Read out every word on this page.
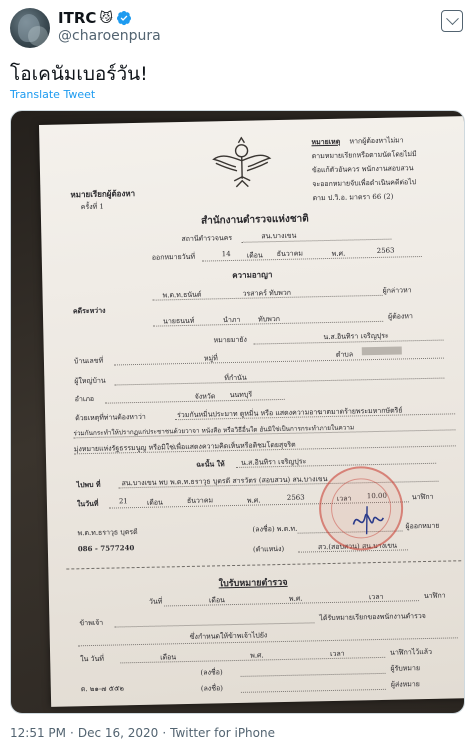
ITRC 😼
@charoenpura
โอเคนัมเบอร์วัน!
Translate Tweet
หมายเหตุ หากผู้ต้องหาไม่มา
ตามหมายเรียกหรือตามนัดโดยไม่มี
ข้อแก้ตัวอันควร พนักงานสอบสวน
จะออกหมายจับเพื่อดำเนินคดีต่อไป
ตาม ป.วิ.อ. มาตรา 66 (2)
หมายเรียกผู้ต้องหา
ครั้งที่ 1
สำนักงานตำรวจแห่งชาติ
สถานีตำรวจนคร	สน.บางเขน
ออกหมายวันที่	14 เดือน ธันวาคม	พ.ศ.	2563
ความอาญา
พ.ต.ท.ธนันต์	วรสาคร์ ทับพวก	ผู้กล่าวหา
คดีระหว่าง
นายธนนท์	นำภา	ทับพวก	ผู้ต้องหา
หมายมายัง	น.ส.อินทิรา เจริญปุระ
บ้านเลขที่	หมู่ที่	ตำบล
ผู้ใหญ่บ้าน	ที่กำนัน
อำเภอ	จังหวัด นนทบุรี
ด้วยเหตุที่ท่านต้องหาว่า	ร่วมกันหมิ่นประมาท ดูหมิ่น หรือ แสดงความอาฆาตมาดร้ายพระมหากษัตริย์
ร่วมกันกระทำให้ปรากฏแก่ประชาชนด้วยวาจา หนังสือ หรือวิธีอื่นใด อันมิใช่เป็นการกระทำภายในความ
มุ่งหมายแห่งรัฐธรรมนูญ หรือมิใช่เพื่อแสดงความคิดเห็นหรือติชมโดยสุจริต
ฉะนั้น ให้ น.ส.อินทิรา เจริญปุระ
ไปพบ ที่	สน.บางเขน พบ พ.ต.ท.ธราวุธ บุตรดี สารวัตร (สอบสวน) สน.บางเขน
ในวันที่	21	เดือน	ธันวาคม	พ.ศ.	2563	เวลา 10.00	นาฬิกา
พ.ต.ท.ธราวุธ บุตรดี	(ลงชื่อ) พ.ต.ท.	ผู้ออกหมาย
086 - 7577240	(ตำแหน่ง)	สว.(สอบสวน) สน.บางเขน
ใบรับหมายตำรวจ
วันที่	เดือน	พ.ศ.	เวลา	นาฬิกา
ข้าพเจ้า
ได้รับหมายเรียกของพนักงานตำรวจ
ซึ่งกำหนดให้ข้าพเจ้าไปยัง
ใน วันที่	เดือน	พ.ศ.	เวลา	นาฬิกาไว้แล้ว
(ลงชื่อ)	ผู้รับหมาย
ต. ๒๑-๗ ๕๕๒	(ลงชื่อ)	ผู้ส่งหมาย
12:51 PM · Dec 16, 2020 · Twitter for iPhone
